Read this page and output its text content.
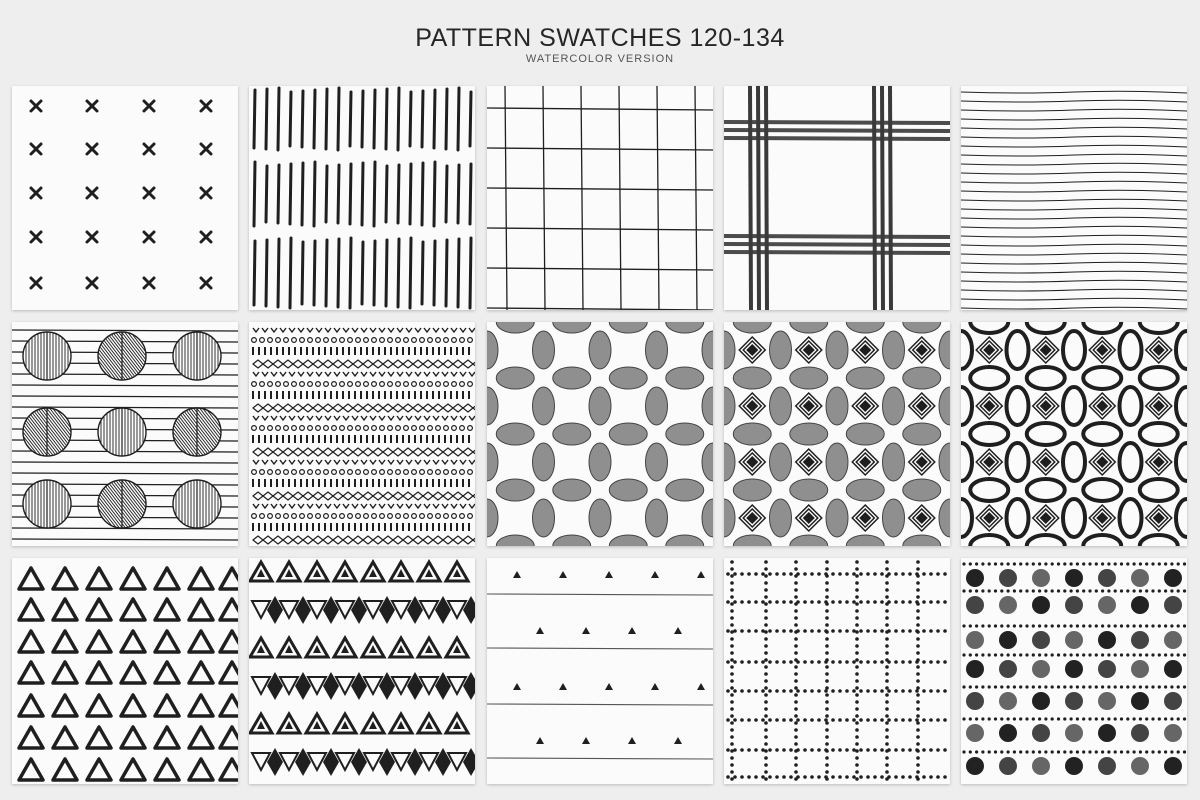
PATTERN SWATCHES 120-134
WATERCOLOR VERSION
